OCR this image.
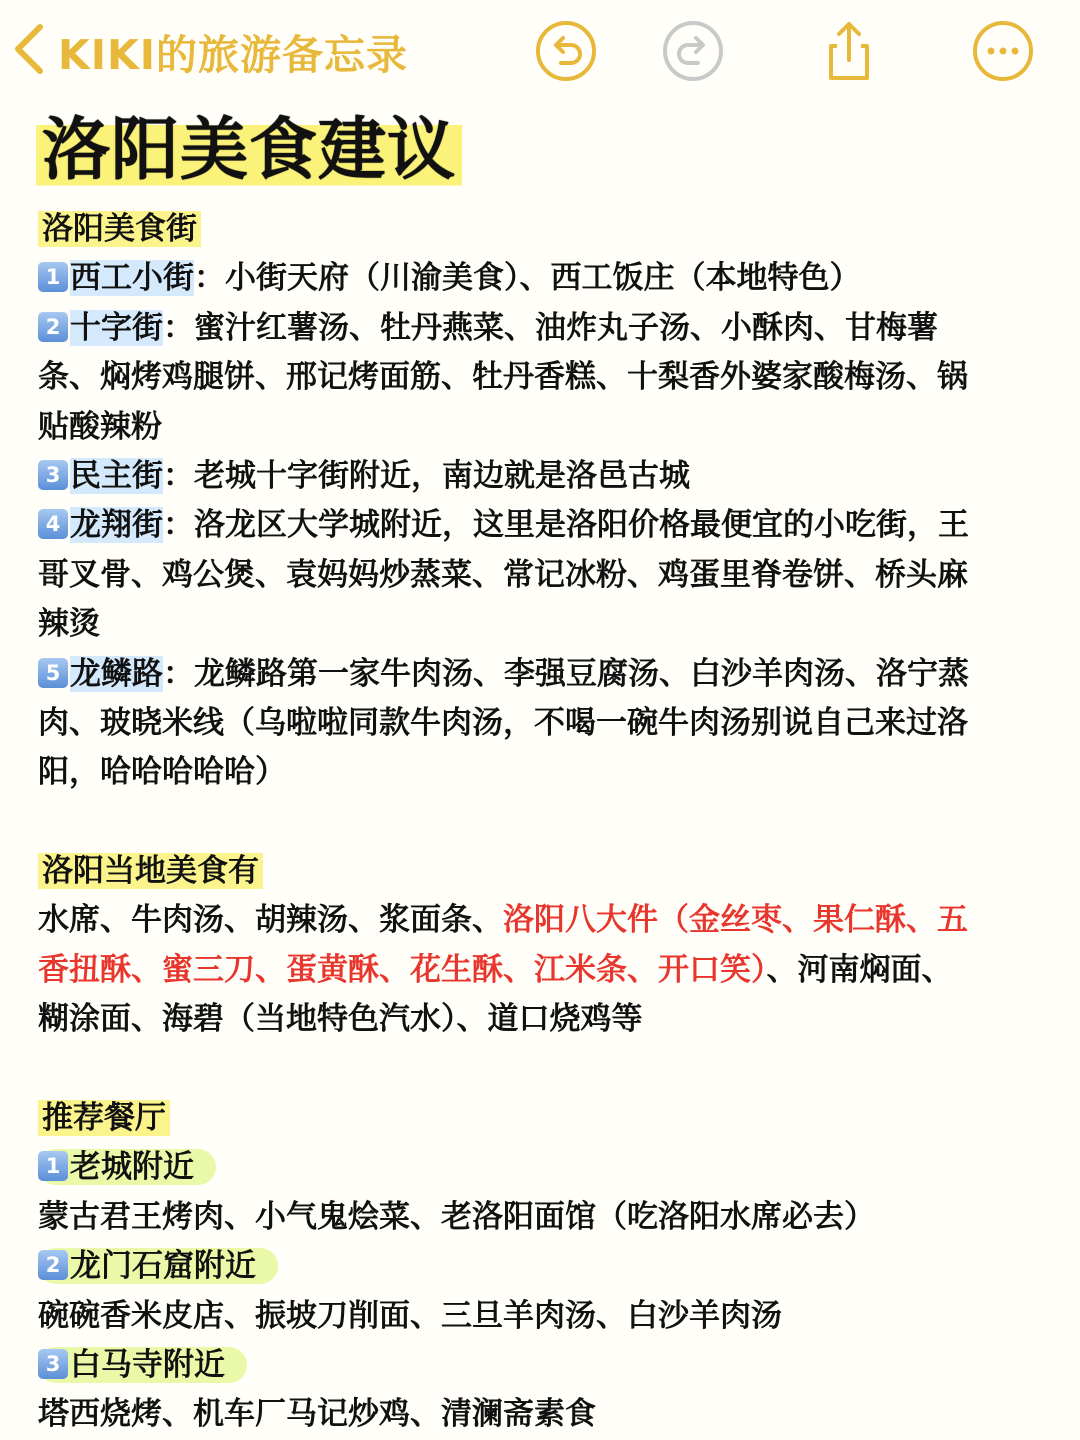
KIKI的旅游备忘录
洛阳美食建议
洛阳美食街
1 西工小街：小街天府（川渝美食）、西工饭庄（本地特色）
2 十字街：蜜汁红薯汤、牡丹燕菜、油炸丸子汤、小酥肉、甘梅薯
条、焖烤鸡腿饼、邢记烤面筋、牡丹香糕、十梨香外婆家酸梅汤、锅
贴酸辣粉
3 民主街：老城十字街附近，南边就是洛邑古城
4 龙翔街：洛龙区大学城附近，这里是洛阳价格最便宜的小吃街，王
哥叉骨、鸡公煲、袁妈妈炒蒸菜、常记冰粉、鸡蛋里脊卷饼、桥头麻
辣烫
5 龙鳞路：龙鳞路第一家牛肉汤、李强豆腐汤、白沙羊肉汤、洛宁蒸
肉、玻晓米线（乌啦啦同款牛肉汤，不喝一碗牛肉汤别说自己来过洛
阳，哈哈哈哈哈）
洛阳当地美食有
水席、牛肉汤、胡辣汤、浆面条、洛阳八大件（金丝枣、果仁酥、五
香扭酥、蜜三刀、蛋黄酥、花生酥、江米条、开口笑）、河南焖面、
糊涂面、海碧（当地特色汽水）、道口烧鸡等
推荐餐厅
1 老城附近
蒙古君王烤肉、小气鬼烩菜、老洛阳面馆（吃洛阳水席必去）
2 龙门石窟附近
碗碗香米皮店、振坡刀削面、三旦羊肉汤、白沙羊肉汤
3 白马寺附近
塔西烧烤、机车厂马记炒鸡、清澜斋素食
